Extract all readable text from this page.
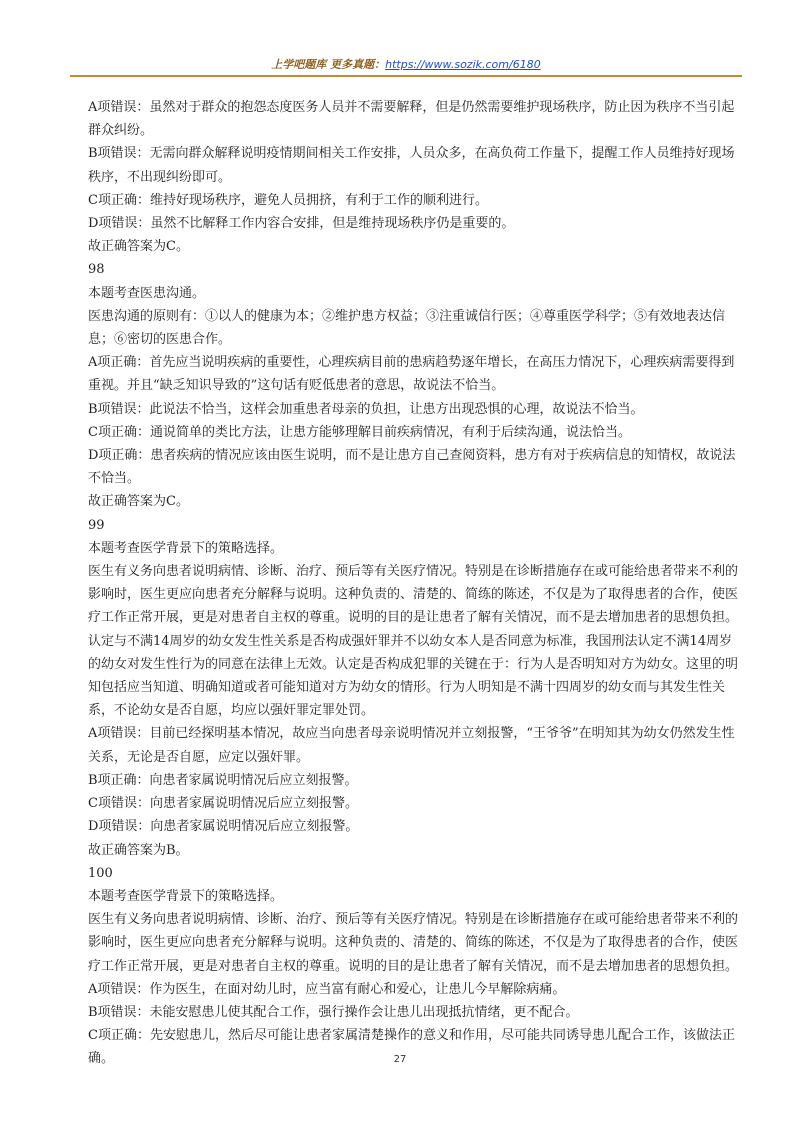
上学吧题库 更多真题：https://www.sozik.com/6180

A项错误：虽然对于群众的抱怨态度医务人员并不需要解释，但是仍然需要维护现场秩序，防止因为秩序不当引起群众纠纷。

B项错误：无需向群众解释说明疫情期间相关工作安排，人员众多，在高负荷工作量下，提醒工作人员维持好现场秩序，不出现纠纷即可。

C项正确：维持好现场秩序，避免人员拥挤，有利于工作的顺利进行。

D项错误：虽然不比解释工作内容合安排，但是维持现场秩序仍是重要的。

故正确答案为C。

98

本题考查医患沟通。

医患沟通的原则有：①以人的健康为本；②维护患方权益；③注重诚信行医；④尊重医学科学；⑤有效地表达信息；⑥密切的医患合作。

A项正确：首先应当说明疾病的重要性，心理疾病目前的患病趋势逐年增长，在高压力情况下，心理疾病需要得到重视。并且“缺乏知识导致的”这句话有贬低患者的意思，故说法不恰当。

B项错误：此说法不恰当，这样会加重患者母亲的负担，让患方出现恐惧的心理，故说法不恰当。

C项正确：通说简单的类比方法，让患方能够理解目前疾病情况，有利于后续沟通，说法恰当。

D项正确：患者疾病的情况应该由医生说明，而不是让患方自己查阅资料，患方有对于疾病信息的知情权，故说法不恰当。

故正确答案为C。

99

本题考查医学背景下的策略选择。

医生有义务向患者说明病情、诊断、治疗、预后等有关医疗情况。特别是在诊断措施存在或可能给患者带来不利的影响时，医生更应向患者充分解释与说明。这种负责的、清楚的、简练的陈述，不仅是为了取得患者的合作，使医疗工作正常开展，更是对患者自主权的尊重。说明的目的是让患者了解有关情况，而不是去增加患者的思想负担。

认定与不满14周岁的幼女发生性关系是否构成强奸罪并不以幼女本人是否同意为标准，我国刑法认定不满14周岁的幼女对发生性行为的同意在法律上无效。认定是否构成犯罪的关键在于：行为人是否明知对方为幼女。这里的明知包括应当知道、明确知道或者可能知道对方为幼女的情形。行为人明知是不满十四周岁的幼女而与其发生性关系，不论幼女是否自愿，均应以强奸罪定罪处罚。

A项错误：目前已经探明基本情况，故应当向患者母亲说明情况并立刻报警，“王爷爷”在明知其为幼女仍然发生性关系，无论是否自愿，应定以强奸罪。

B项正确：向患者家属说明情况后应立刻报警。

C项错误：向患者家属说明情况后应立刻报警。

D项错误：向患者家属说明情况后应立刻报警。

故正确答案为B。

100

本题考查医学背景下的策略选择。

医生有义务向患者说明病情、诊断、治疗、预后等有关医疗情况。特别是在诊断措施存在或可能给患者带来不利的影响时，医生更应向患者充分解释与说明。这种负责的、清楚的、简练的陈述，不仅是为了取得患者的合作，使医疗工作正常开展，更是对患者自主权的尊重。说明的目的是让患者了解有关情况，而不是去增加患者的思想负担。

A项错误：作为医生，在面对幼儿时，应当富有耐心和爱心，让患儿今早解除病痛。

B项错误：未能安慰患儿使其配合工作，强行操作会让患儿出现抵抗情绪，更不配合。

C项正确：先安慰患儿，然后尽可能让患者家属清楚操作的意义和作用，尽可能共同诱导患儿配合工作，该做法正确。	27
